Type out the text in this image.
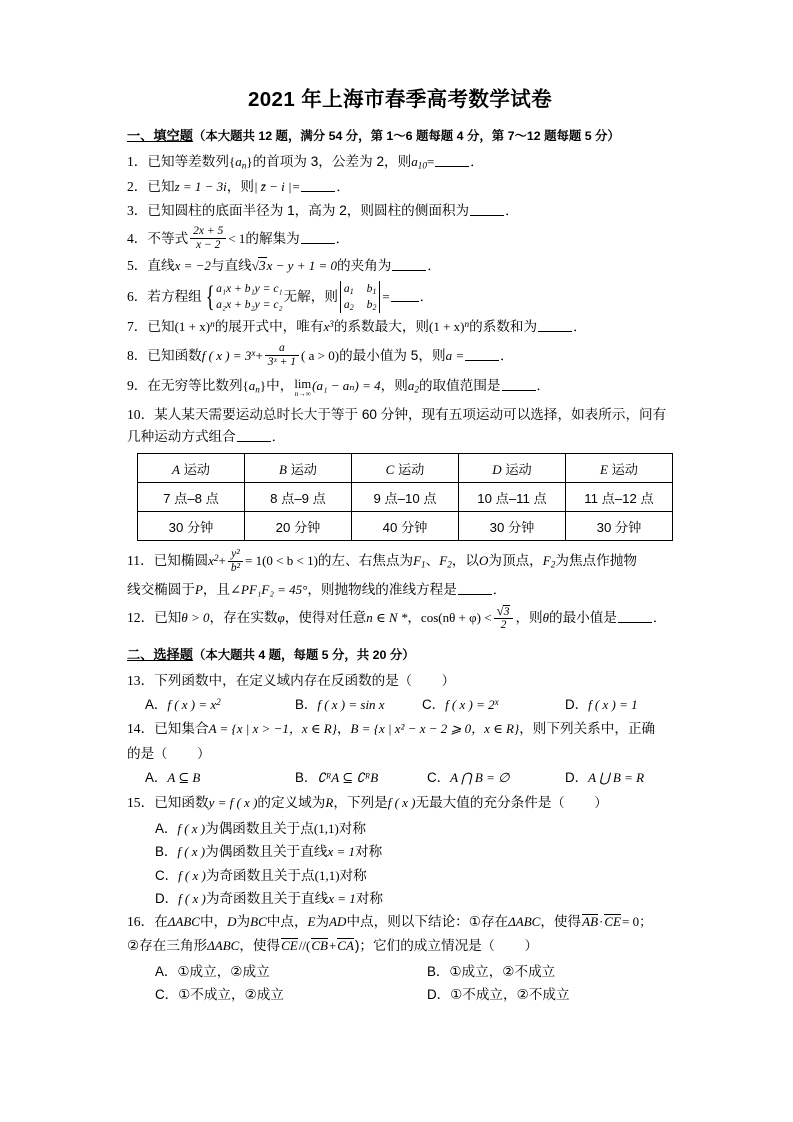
2021 年上海市春季高考数学试卷
一、填空题（本大题共 12 题，满分 54 分，第 1～6 题每题 4 分，第 7～12 题每题 5 分）
1．已知等差数列$\{a_n\}$的首项为 3，公差为 2，则$a_{10}=$	．
2．已知z = 1 − 3i，则| z̄ − i |=	．
3．已知圆柱的底面半径为 1，高为 2，则圆柱的侧面积为	．
4．不等式 $\frac{2x + 5}{x - 2} < 1$的解集为	．
5．直线x = −2与直线√3x − y + 1 = 0的夹角为	．
6．若方程组 { a₁x + b₁y = c₁
a₂x + b₂y = c₂
无解，则
$a_1$ $b_1$
$a_2$ $b_2$
= ．
7．已知$(1 + x)^n$的展开式中，唯有$x^3$的系数最大，则$(1 + x)^n$的系数和为	．
8．已知函数f ( x ) = $3^x+ \frac{a}{\text{3ˣ + 1}}$ ( a > 0)的最小值为 5，则a =	．
9．在无穷等比数列$\{a_n\}$中， lim
n→∞ (a₁ − aₙ) = 4，则$a_2$的取值范围是	．
10．某人某天需要运动总时长大于等于 60 分钟，现有五项运动可以选择，如表所示，问有
几种运动方式组合	．
A 运动	B 运动	C 运动	D 运动	E 运动
7 点–8 点	8 点–9 点	9 点–10 点	10 点–11 点	11 点–12 点
30 分钟	20 分钟	40 分钟	30 分钟	30 分钟
11．已知椭圆$x^2+ \frac{\text{y²}}{\text{b²}} = 1(0 < b < 1)$的左、右焦点为$F_1$、$F_2$，以O为顶点，$F_2$为焦点作抛物
线交椭圆于P，且∠PF₁F₂ = 45°，则抛物线的准线方程是	．
12．已知θ > 0，存在实数φ，使得对任意n ∈ N *，$\cos(n\theta + \varphi) < \frac{√3}{2}$ ，则θ的最小值是	．
二、选择题（本大题共 4 题，每题 5 分，共 20 分）
13．下列函数中，在定义域内存在反函数的是（　　）
A．f ( x ) = $x^2$	B．f ( x ) = sin x	C．f ( x ) = $2^x$	D．f ( x ) = 1
14．已知集合A = {x | x > −1，x ∈ R}，B = {x | x² − x − 2 ⩾ 0，x ∈ R}，则下列关系中，正确
的是（　　）
A．A ⊆ B	B．∁ᴿA ⊆ ∁ᴿB	C．A ⋂ B = ∅	D．A ⋃ B = R
15．已知函数y = f ( x )的定义域为R，下列是f ( x )无最大值的充分条件是（　　）
A．f ( x )为偶函数且关于点(1,1)对称
B．f ( x )为偶函数且关于直线x = 1对称
C．f ( x )为奇函数且关于点(1,1)对称
D．f ( x )为奇函数且关于直线x = 1对称
16．在ΔABC中，D为BC中点，E为AD中点，则以下结论：①存在ΔABC，使得AB·CE= 0；
②存在三角形ΔABC，使得CE//(CB+CA)；它们的成立情况是（　　）
A．①成立，②成立	B．①成立，②不成立
C．①不成立，②成立	D．①不成立，②不成立
